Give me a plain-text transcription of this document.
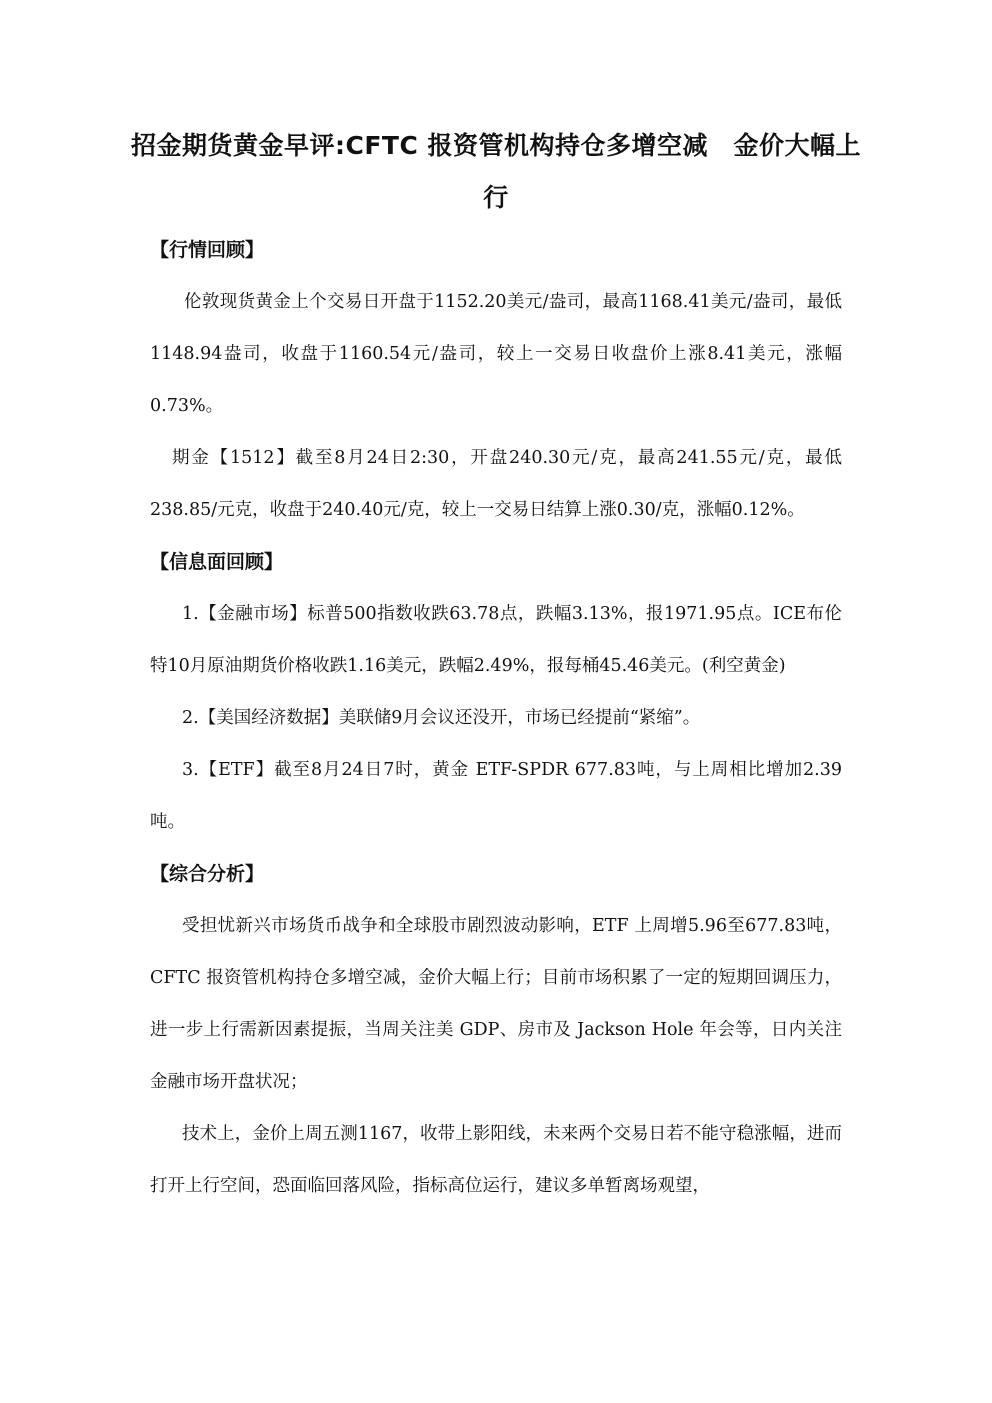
招金期货黄金早评:CFTC 报资管机构持仓多增空减　金价大幅上行
【行情回顾】

伦敦现货黄金上个交易日开盘于1152.20美元/盎司，最高1168.41美元/盎司，最低1148.94盎司，收盘于1160.54元/盎司，较上一交易日收盘价上涨8.41美元，涨幅0.73%。

期金【1512】截至8月24日2:30，开盘240.30元/克，最高241.55元/克，最低238.85/元克，收盘于240.40元/克，较上一交易日结算上涨0.30/克，涨幅0.12%。

【信息面回顾】

1.【金融市场】标普500指数收跌63.78点，跌幅3.13%，报1971.95点。ICE布伦特10月原油期货价格收跌1.16美元，跌幅2.49%，报每桶45.46美元。(利空黄金)

2.【美国经济数据】美联储9月会议还没开，市场已经提前“紧缩”。

3.【ETF】截至8月24日7时，黄金 ETF-SPDR 677.83吨，与上周相比增加2.39吨。

【综合分析】

受担忧新兴市场货币战争和全球股市剧烈波动影响，ETF 上周增5.96至677.83吨，CFTC 报资管机构持仓多增空减，金价大幅上行；目前市场积累了一定的短期回调压力，进一步上行需新因素提振，当周关注美 GDP、房市及 Jackson Hole 年会等，日内关注金融市场开盘状况；

技术上，金价上周五测1167，收带上影阳线，未来两个交易日若不能守稳涨幅，进而打开上行空间，恐面临回落风险，指标高位运行，建议多单暂离场观望，
